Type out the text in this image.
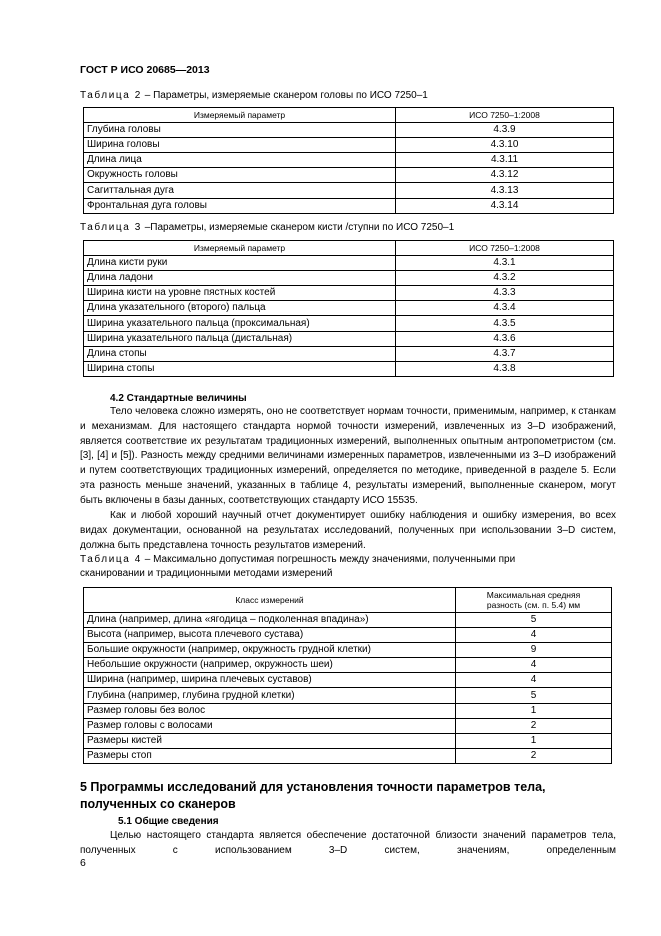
ГОСТ Р ИСО 20685—2013
Таблица 2 – Параметры, измеряемые сканером головы по ИСО 7250–1
Измеряемый параметр	ИСО 7250–1:2008
Глубина головы	4.3.9
Ширина головы	4.3.10
Длина лица	4.3.11
Окружность головы	4.3.12
Сагиттальная дуга	4.3.13
Фронтальная дуга головы	4.3.14
Таблица 3 –Параметры, измеряемые сканером кисти /ступни по ИСО 7250–1
Измеряемый параметр	ИСО 7250–1:2008
Длина кисти руки	4.3.1
Длина ладони	4.3.2
Ширина кисти на уровне пястных костей	4.3.3
Длина указательного (второго) пальца	4.3.4
Ширина указательного пальца (проксимальная)	4.3.5
Ширина указательного пальца (дистальная)	4.3.6
Длина стопы	4.3.7
Ширина стопы	4.3.8
4.2 Стандартные величины
Тело человека сложно измерять, оно не соответствует нормам точности, применимым, например, к станкам и механизмам. Для настоящего стандарта нормой точности измерений, извлеченных из 3–D изображений, является соответствие их результатам традиционных измерений, выполненных опытным антропометристом (см.[3], [4] и [5]). Разность между средними величинами измеренных параметров, извлеченными из 3–D изображений и путем соответствующих традиционных измерений, определяется по методике, приведенной в разделе 5. Если эта разность меньше значений, указанных в таблице 4, результаты измерений, выполненные сканером, могут быть включены в базы данных, соответствующих стандарту ИСО 15535.
Как и любой хороший научный отчет документирует ошибку наблюдения и ошибку измерения, во всех видах документации, основанной на результатах исследований, полученных при использовании 3–D систем, должна быть представлена точность результатов измерений.
Таблица 4 – Максимально допустимая погрешность между значениями, полученными при
сканировании и традиционными методами измерений
Класс измерений	Максимальная средняя
разность (см. п. 5.4) мм
Длина (например, длина «ягодица – подколенная впадина»)	5
Высота (например, высота плечевого сустава)	4
Большие окружности (например, окружность грудной клетки)	9
Небольшие окружности (например, окружность шеи)	4
Ширина (например, ширина плечевых суставов)	4
Глубина (например, глубина грудной клетки)	5
Размер головы без волос	1
Размер головы с волосами	2
Размеры кистей	1
Размеры стоп	2
5 Программы исследований для установления точности параметров тела, полученных со сканеров
5.1 Общие сведения
Целью настоящего стандарта является обеспечение достаточной близости значений параметров тела, полученных с использованием 3–D систем, значениям, определенным
6
